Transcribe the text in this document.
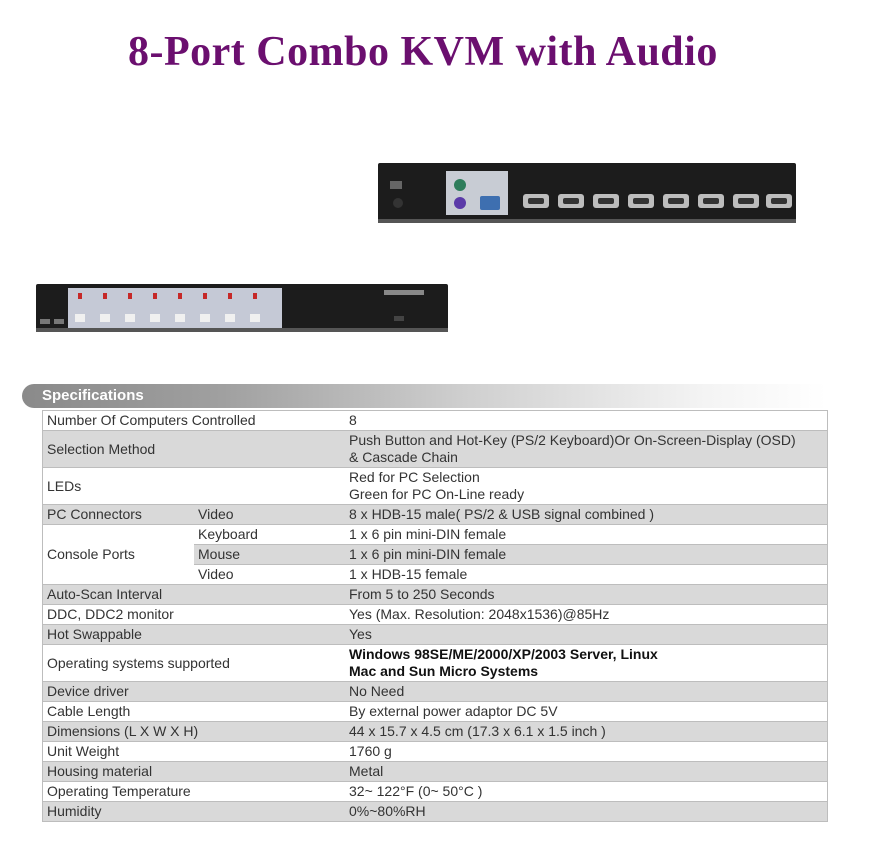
8-Port Combo KVM with Audio
Specifications
Number Of Computers Controlled		8
Selection Method		Push Button and Hot-Key (PS/2 Keyboard)Or On-Screen-Display (OSD)
& Cascade Chain

LEDs		Red for PC Selection
Green for PC On-Line ready

PC Connectors	Video	8 x HDB-15 male( PS/2 & USB signal combined )
Console Ports	Keyboard	1 x 6 pin mini-DIN female
	Mouse	1 x 6 pin mini-DIN female
	Video	1 x HDB-15 female
Auto-Scan Interval		From 5 to 250 Seconds
DDC, DDC2 monitor		Yes (Max. Resolution: 2048x1536)@85Hz
Hot Swappable		Yes
Operating systems supported		Windows 98SE/ME/2000/XP/2003 Server, Linux
Mac and Sun Micro Systems

Device driver		No Need
Cable Length		By external power adaptor DC 5V
Dimensions (L X W X H)		44 x 15.7 x 4.5 cm (17.3 x 6.1 x 1.5 inch )
Unit Weight		1760 g
Housing material		Metal
Operating Temperature		32~ 122°F (0~ 50°C )
Humidity		0%~80%RH
